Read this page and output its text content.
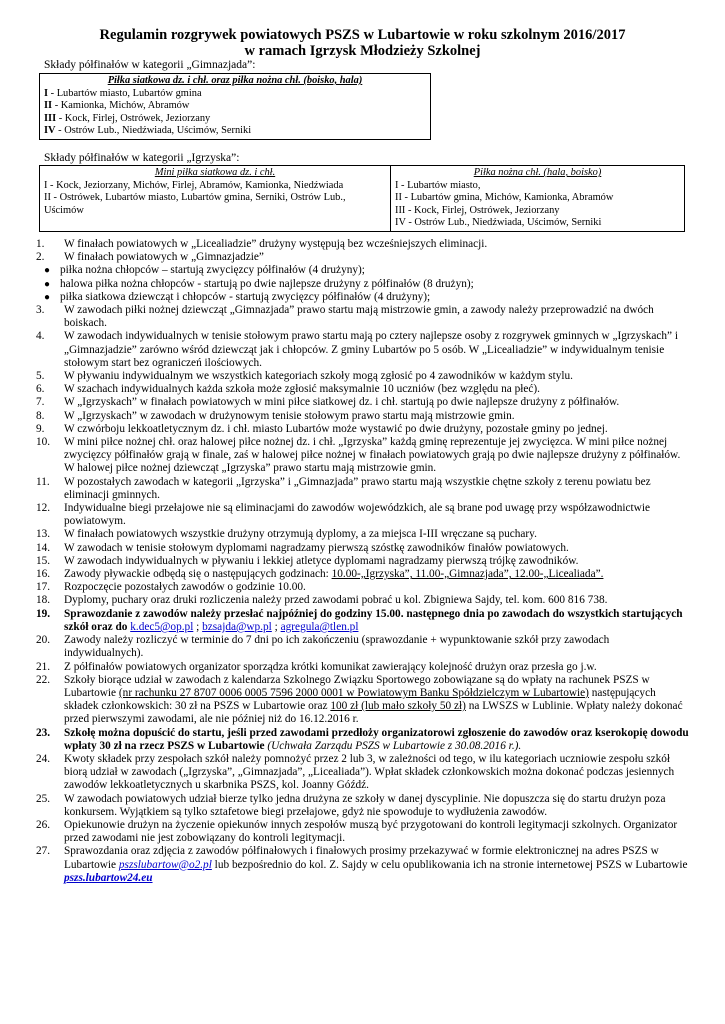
Regulamin rozgrywek powiatowych PSZS w Lubartowie w roku szkolnym 2016/2017
w ramach Igrzysk Młodzieży Szkolnej
Składy półfinałów w kategorii „Gimnazjada”:
Piłka siatkowa dz. i chł. oraz piłka nożna chł. (boisko, hala)
I - Lubartów miasto, Lubartów gmina
II - Kamionka, Michów, Abramów
III - Kock, Firlej, Ostrówek, Jeziorzany
IV - Ostrów Lub., Niedźwiada, Uścimów, Serniki
Składy półfinałów w kategorii „Igrzyska”:
Mini piłka siatkowa dz. i chł.
I - Kock, Jeziorzany, Michów, Firlej, Abramów, Kamionka, Niedźwiada
II - Ostrówek, Lubartów miasto, Lubartów gmina, Serniki, Ostrów Lub., Uścimów

Piłka nożna chł. (hala, boisko)
I - Lubartów miasto,
II - Lubartów gmina, Michów, Kamionka, Abramów
III - Kock, Firlej, Ostrówek, Jeziorzany
IV - Ostrów Lub., Niedźwiada, Uścimów, Serniki
1.	W finałach powiatowych w „Licealiadzie” drużyny występują bez wcześniejszych eliminacji.
2.	W finałach powiatowych w „Gimnazjadzie”
● piłka nożna chłopców – startują zwycięzcy półfinałów (4 drużyny);
● halowa piłka nożna chłopców - startują po dwie najlepsze drużyny z półfinałów (8 drużyn);
● piłka siatkowa dziewcząt i chłopców - startują zwycięzcy półfinałów (4 drużyny);
3.	W zawodach piłki nożnej dziewcząt „Gimnazjada” prawo startu mają mistrzowie gmin, a zawody należy przeprowadzić na dwóch boiskach.
4.	W zawodach indywidualnych w tenisie stołowym prawo startu mają po cztery najlepsze osoby z rozgrywek gminnych w „Igrzyskach” i „Gimnazjadzie” zarówno wśród dziewcząt jak i chłopców. Z gminy Lubartów po 5 osób. W „Licealiadzie” w indywidualnym tenisie stołowym start bez ograniczeń ilościowych.
5.	W pływaniu indywidualnym we wszystkich kategoriach szkoły mogą zgłosić po 4 zawodników w każdym stylu.
6.	W szachach indywidualnych każda szkoła może zgłosić maksymalnie 10 uczniów (bez względu na płeć).
7.	W „Igrzyskach” w finałach powiatowych w mini piłce siatkowej dz. i chł. startują po dwie najlepsze drużyny z półfinałów.
8.	W „Igrzyskach” w zawodach w drużynowym tenisie stołowym prawo startu mają mistrzowie gmin.
9.	W czwórboju lekkoatletycznym dz. i chł. miasto Lubartów może wystawić po dwie drużyny, pozostałe gminy po jednej.
10.	W mini piłce nożnej chł. oraz halowej piłce nożnej dz. i chł. „Igrzyska” każdą gminę reprezentuje jej zwycięzca. W mini piłce nożnej zwycięzcy półfinałów grają w finale, zaś w halowej piłce nożnej w finałach powiatowych grają po dwie najlepsze drużyny z półfinałów. W halowej piłce nożnej dziewcząt „Igrzyska” prawo startu mają mistrzowie gmin.
11.	W pozostałych zawodach w kategorii „Igrzyska” i „Gimnazjada” prawo startu mają wszystkie chętne szkoły z terenu powiatu bez eliminacji gminnych.
12.	Indywidualne biegi przełajowe nie są eliminacjami do zawodów wojewódzkich, ale są brane pod uwagę przy współzawodnictwie powiatowym.
13.	W finałach powiatowych wszystkie drużyny otrzymują dyplomy, a za miejsca I-III wręczane są puchary.
14.	W zawodach w tenisie stołowym dyplomami nagradzamy pierwszą szóstkę zawodników finałów powiatowych.
15.	W zawodach indywidualnych w pływaniu i lekkiej atletyce dyplomami nagradzamy pierwszą trójkę zawodników.
16.	Zawody pływackie odbędą się o następujących godzinach: 10.00-„Igrzyska”, 11.00-„Gimnazjada”, 12.00-„Licealiada”.
17.	Rozpoczęcie pozostałych zawodów o godzinie 10.00.
18.	Dyplomy, puchary oraz druki rozliczenia należy przed zawodami pobrać u kol. Zbigniewa Sajdy, tel. kom. 600 816 738.
19.	Sprawozdanie z zawodów należy przesłać najpóźniej do godziny 15.00. następnego dnia po zawodach do wszystkich startujących szkół oraz do k.dec5@op.pl ; bzsajda@wp.pl ; agregula@tlen.pl
20.	Zawody należy rozliczyć w terminie do 7 dni po ich zakończeniu (sprawozdanie + wypunktowanie szkół przy zawodach indywidualnych).
21.	Z półfinałów powiatowych organizator sporządza krótki komunikat zawierający kolejność drużyn oraz przesła go j.w.
22.	Szkoły biorące udział w zawodach z kalendarza Szkolnego Związku Sportowego zobowiązane są do wpłaty na rachunek PSZS w Lubartowie (nr rachunku 27 8707 0006 0005 7596 2000 0001 w Powiatowym Banku Spółdzielczym w Lubartowie) następujących składek członkowskich: 30 zł na PSZS w Lubartowie oraz 100 zł (lub mało szkoły 50 zł) na LWSZS w Lublinie. Wpłaty należy dokonać przed pierwszymi zawodami, ale nie później niż do 16.12.2016 r.
23.	Szkołę można dopuścić do startu, jeśli przed zawodami przedłoży organizatorowi zgłoszenie do zawodów oraz kserokopię dowodu wpłaty 30 zł na rzecz PSZS w Lubartowie (Uchwała Zarządu PSZS w Lubartowie z 30.08.2016 r.).
24.	Kwoty składek przy zespołach szkół należy pomnożyć przez 2 lub 3, w zależności od tego, w ilu kategoriach uczniowie zespołu szkół biorą udział w zawodach („Igrzyska”, „Gimnazjada”, „Licealiada”). Wpłat składek członkowskich można dokonać podczas jesiennych zawodów lekkoatletycznych u skarbnika PSZS, kol. Joanny Góźdź.
25.	W zawodach powiatowych udział bierze tylko jedna drużyna ze szkoły w danej dyscyplinie. Nie dopuszcza się do startu drużyn poza konkursem. Wyjątkiem są tylko sztafetowe biegi przełajowe, gdyż nie spowoduje to wydłużenia zawodów.
26.	Opiekunowie drużyn na życzenie opiekunów innych zespołów muszą być przygotowani do kontroli legitymacji szkolnych. Organizator przed zawodami nie jest zobowiązany do kontroli legitymacji.
27.	Sprawozdania oraz zdjęcia z zawodów półfinałowych i finałowych prosimy przekazywać w formie elektronicznej na adres PSZS w Lubartowie pszslubartow@o2.pl lub bezpośrednio do kol. Z. Sajdy w celu opublikowania ich na stronie internetowej PSZS w Lubartowie pszs.lubartow24.eu
